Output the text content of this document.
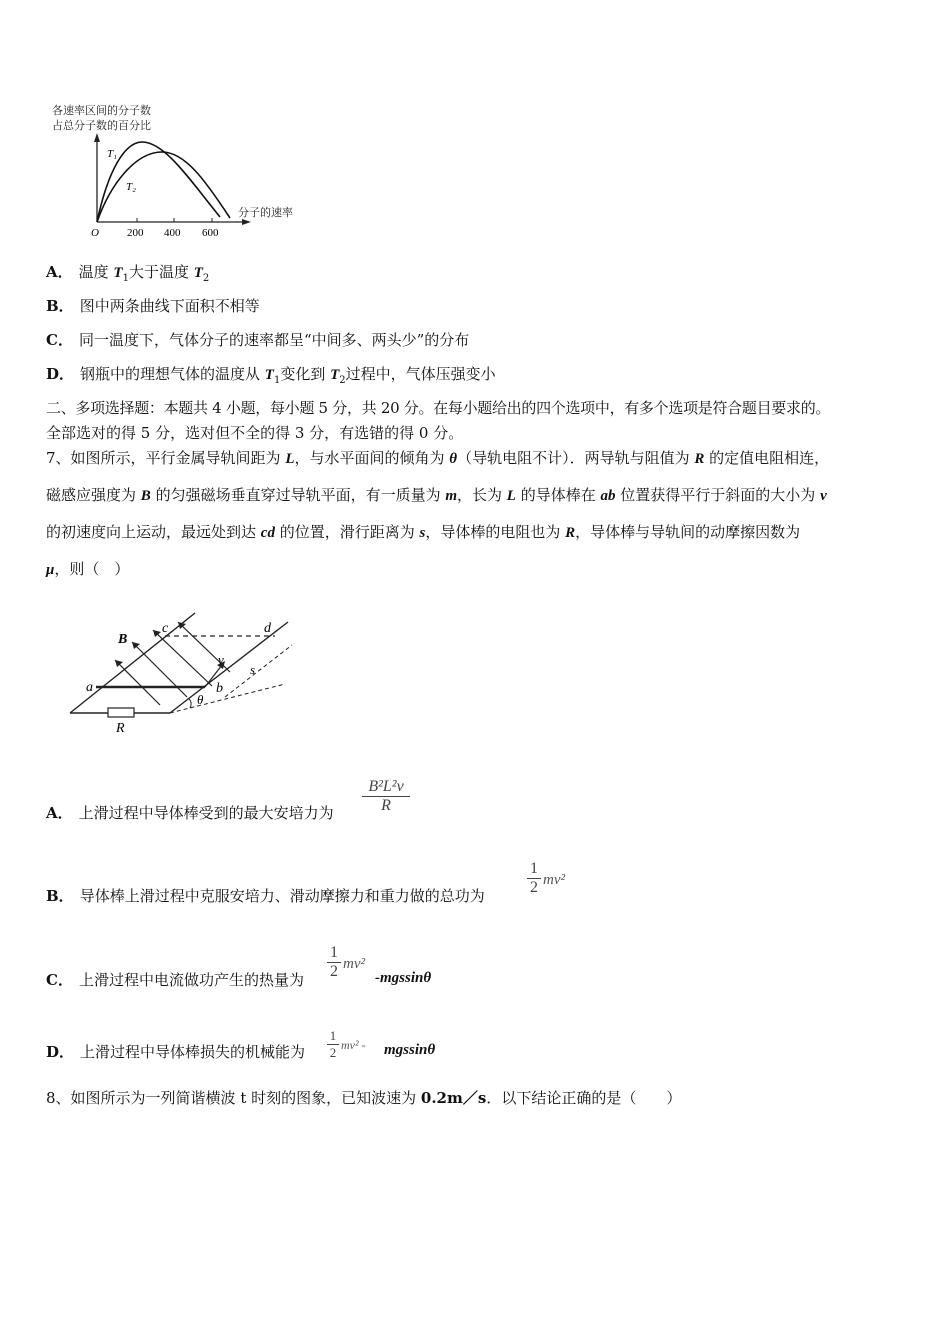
各速率区间的分子数
占总分子数的百分比
T₁
T₂
O	200 400 600
分子的速率
A． 温度 $T_1$大于温度 $T_2$
B． 图中两条曲线下面积不相等
C． 同一温度下，气体分子的速率都呈“中间多、两头少”的分布
D． 钢瓶中的理想气体的温度从 $T_1$变化到 $T_2$过程中，气体压强变小
二、多项选择题：本题共 4 小题，每小题 5 分，共 20 分。在每小题给出的四个选项中，有多个选项是符合题目要求的。
全部选对的得 5 分，选对但不全的得 3 分，有选错的得 0 分。
7、如图所示，平行金属导轨间距为 L，与水平面间的倾角为 θ（导轨电阻不计）．两导轨与阻值为 R 的定值电阻相连，
磁感应强度为 B 的匀强磁场垂直穿过导轨平面，有一质量为 m，长为 L 的导体棒在 ab 位置获得平行于斜面的大小为 v
的初速度向上运动，最远处到达 cd 的位置，滑行距离为 s，导体棒的电阻也为 R，导体棒与导轨间的动摩擦因数为
μ，则（　）
B
c	d
v
s
a	b
θ
R
A． 上滑过程中导体棒受到的最大安培力为
B²L²v
R
B． 导体棒上滑过程中克服安培力、滑动摩擦力和重力做的总功为
1
2 mv²
C． 上滑过程中电流做功产生的热量为
1
2 mv²
-mgssinθ
D． 上滑过程中导体棒损失的机械能为
1
2 mv² - mgssinθ
8、如图所示为一列简谐横波 t 时刻的图象，已知波速为 0.2m／s．以下结论正确的是（　　）
